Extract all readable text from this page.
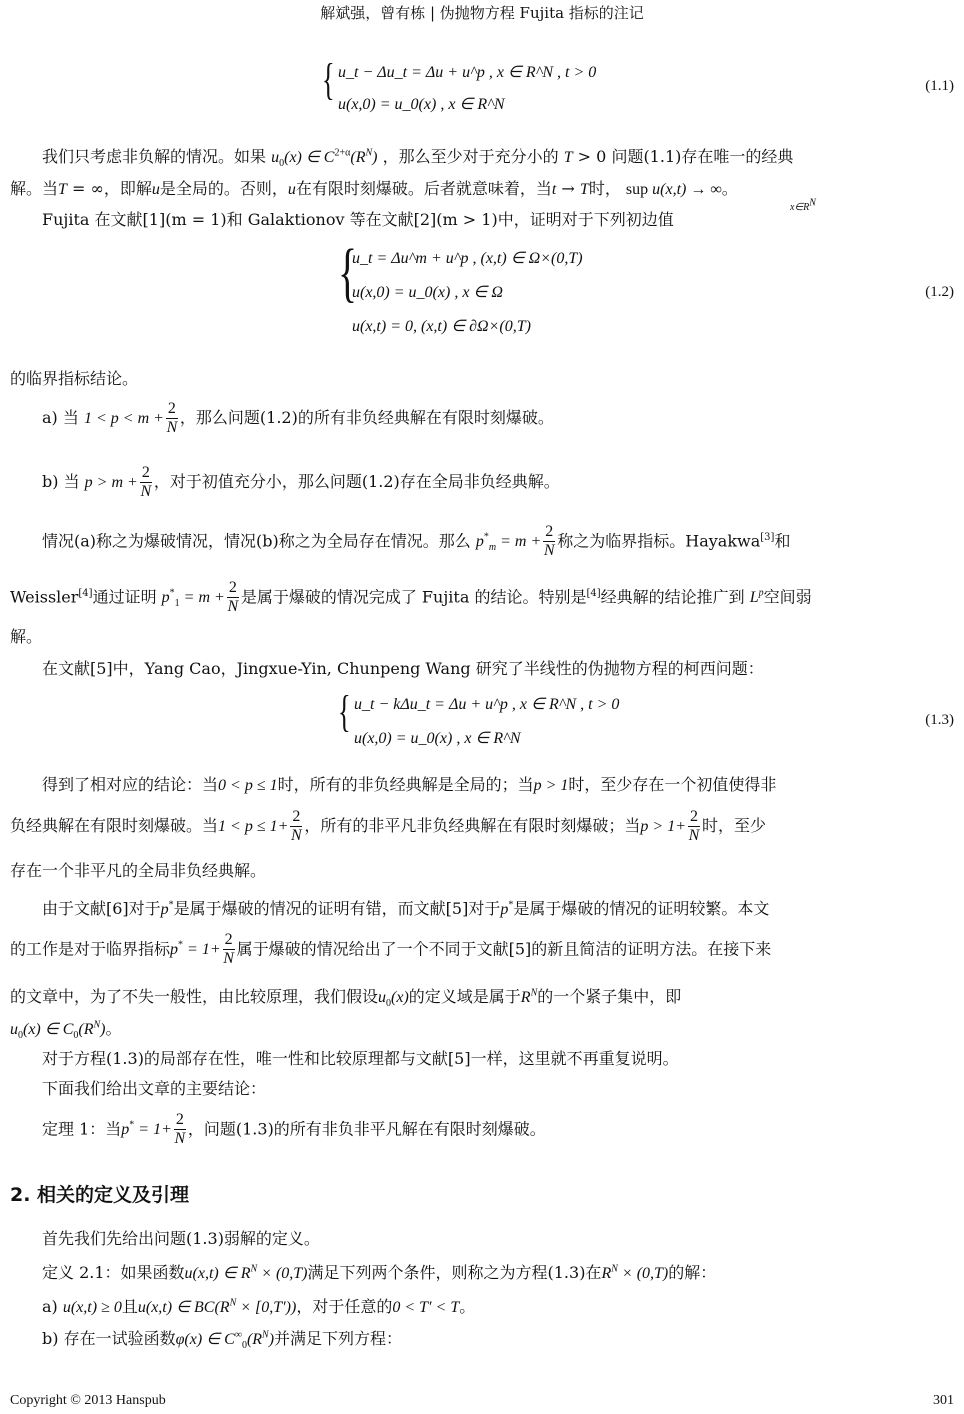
解斌强，曾有栋 | 伪抛物方程 Fujita 指标的注记
{ u_t − Δu_t = Δu + u^p , x ∈ R^N , t > 0
u(x,0) = u_0(x) , x ∈ R^N
(1.1)
我们只考虑非负解的情况。如果 $u_0(x)$ ∈ $C^{2+\alpha}(R^N)$ ，那么至少对于充分小的 T > 0 问题(1.1)存在唯一的经典
解。当T = ∞，即解u是全局的。否则，u在有限时刻爆破。后者就意味着，当t → T时， sup u(x,t) → ∞。
$x\in R^N$
Fujita 在文献[1](m = 1)和 Galaktionov 等在文献[2](m > 1)中，证明对于下列初边值
{
u_t = Δu^m + u^p , (x,t) ∈ Ω×(0,T)
u(x,0) = u_0(x) , x ∈ Ω
u(x,t) = 0, (x,t) ∈ ∂Ω×(0,T)
(1.2)
的临界指标结论。
a) 当 $1 < p < m + \frac{2}{N}$ ，那么问题(1.2)的所有非负经典解在有限时刻爆破。
b) 当 $p > m + \frac{2}{N}$ ，对于初值充分小，那么问题(1.2)存在全局非负经典解。
情况(a)称之为爆破情况，情况(b)称之为全局存在情况。那么 $p^*_m = m + \frac{2}{N}$ 称之为临界指标。Hayakwa[3]和
Weissler[4]通过证明 $p^*_1 = m + \frac{2}{N}$ 是属于爆破的情况完成了 Fujita 的结论。特别是[4]经典解的结论推广到 $L^p$空间弱
解。
在文献[5]中，Yang Cao，Jingxue-Yin, Chunpeng Wang 研究了半线性的伪抛物方程的柯西问题：
{ u_t − kΔu_t = Δu + u^p , x ∈ R^N , t > 0
u(x,0) = u_0(x) , x ∈ R^N
(1.3)
得到了相对应的结论：当0 < p ≤ 1时，所有的非负经典解是全局的；当p > 1时，至少存在一个初值使得非
负经典解在有限时刻爆破。当$1 < p \le 1+ \frac{2}{N}$ ，所有的非平凡非负经典解在有限时刻爆破；当$p > 1+ \frac{2}{N}$ 时，至少
存在一个非平凡的全局非负经典解。
由于文献[6]对于p*是属于爆破的情况的证明有错，而文献[5]对于p*是属于爆破的情况的证明较繁。本文
的工作是对于临界指标$p^* = 1+ \frac{2}{N}$ 属于爆破的情况给出了一个不同于文献[5]的新且简洁的证明方法。在接下来
的文章中，为了不失一般性，由比较原理，我们假设$u_0(x)$的定义域是属于$R^N$的一个紧子集中，即
$u_0(x)$ ∈ $C_0(R^N)$。
对于方程(1.3)的局部存在性，唯一性和比较原理都与文献[5]一样，这里就不再重复说明。
下面我们给出文章的主要结论：
定理 1：当$p^* = 1+ \frac{2}{N}$ ，问题(1.3)的所有非负非平凡解在有限时刻爆破。
2. 相关的定义及引理
首先我们先给出问题(1.3)弱解的定义。
定义 2.1：如果函数u(x,t) ∈ $R^N \times (0,T)$满足下列两个条件，则称之为方程(1.3)在$R^N \times (0,T)$的解：
a) u(x,t) ≥ 0且u(x,t) ∈ $BC(R^N \times [0,T'))$，对于任意的0 < T′ < T。
b) 存在一试验函数φ(x) ∈ $C^\infty_0(R^N)$并满足下列方程：
Copyright © 2013 Hanspub	301
